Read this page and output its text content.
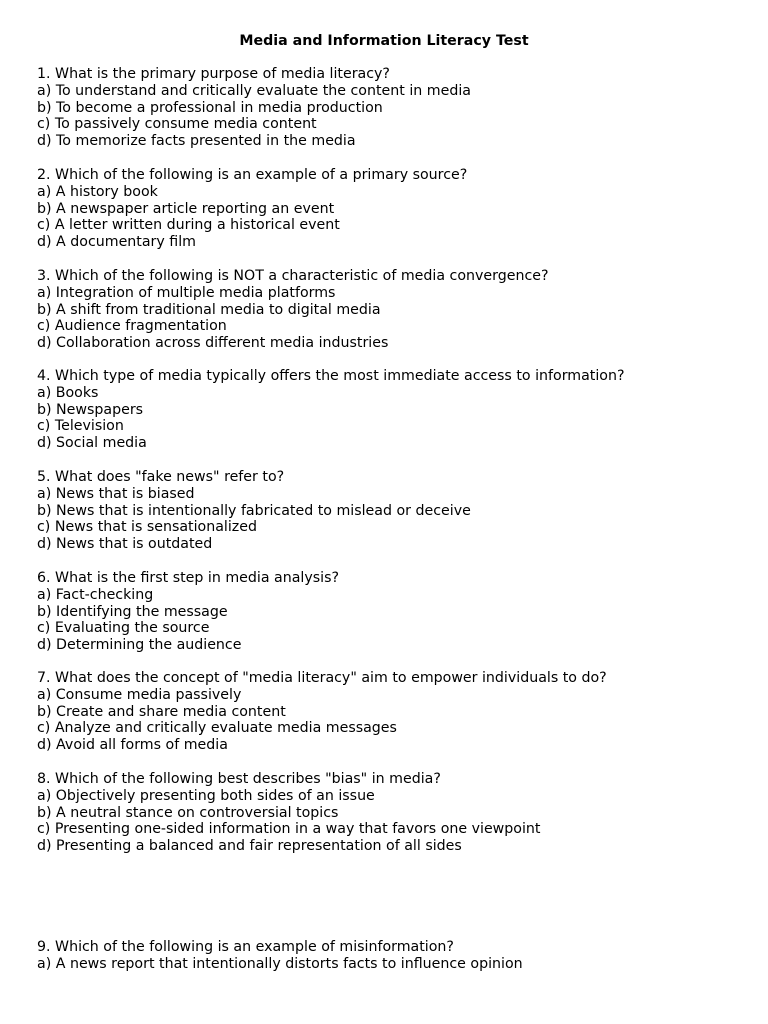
Media and Information Literacy Test
1. What is the primary purpose of media literacy?
a) To understand and critically evaluate the content in media
b) To become a professional in media production
c) To passively consume media content
d) To memorize facts presented in the media
2. Which of the following is an example of a primary source?
a) A history book
b) A newspaper article reporting an event
c) A letter written during a historical event
d) A documentary film
3. Which of the following is NOT a characteristic of media convergence?
a) Integration of multiple media platforms
b) A shift from traditional media to digital media
c) Audience fragmentation
d) Collaboration across different media industries
4. Which type of media typically offers the most immediate access to information?
a) Books
b) Newspapers
c) Television
d) Social media
5. What does "fake news" refer to?
a) News that is biased
b) News that is intentionally fabricated to mislead or deceive
c) News that is sensationalized
d) News that is outdated
6. What is the first step in media analysis?
a) Fact-checking
b) Identifying the message
c) Evaluating the source
d) Determining the audience
7. What does the concept of "media literacy" aim to empower individuals to do?
a) Consume media passively
b) Create and share media content
c) Analyze and critically evaluate media messages
d) Avoid all forms of media
8. Which of the following best describes "bias" in media?
a) Objectively presenting both sides of an issue
b) A neutral stance on controversial topics
c) Presenting one-sided information in a way that favors one viewpoint
d) Presenting a balanced and fair representation of all sides
9. Which of the following is an example of misinformation?
a) A news report that intentionally distorts facts to influence opinion
